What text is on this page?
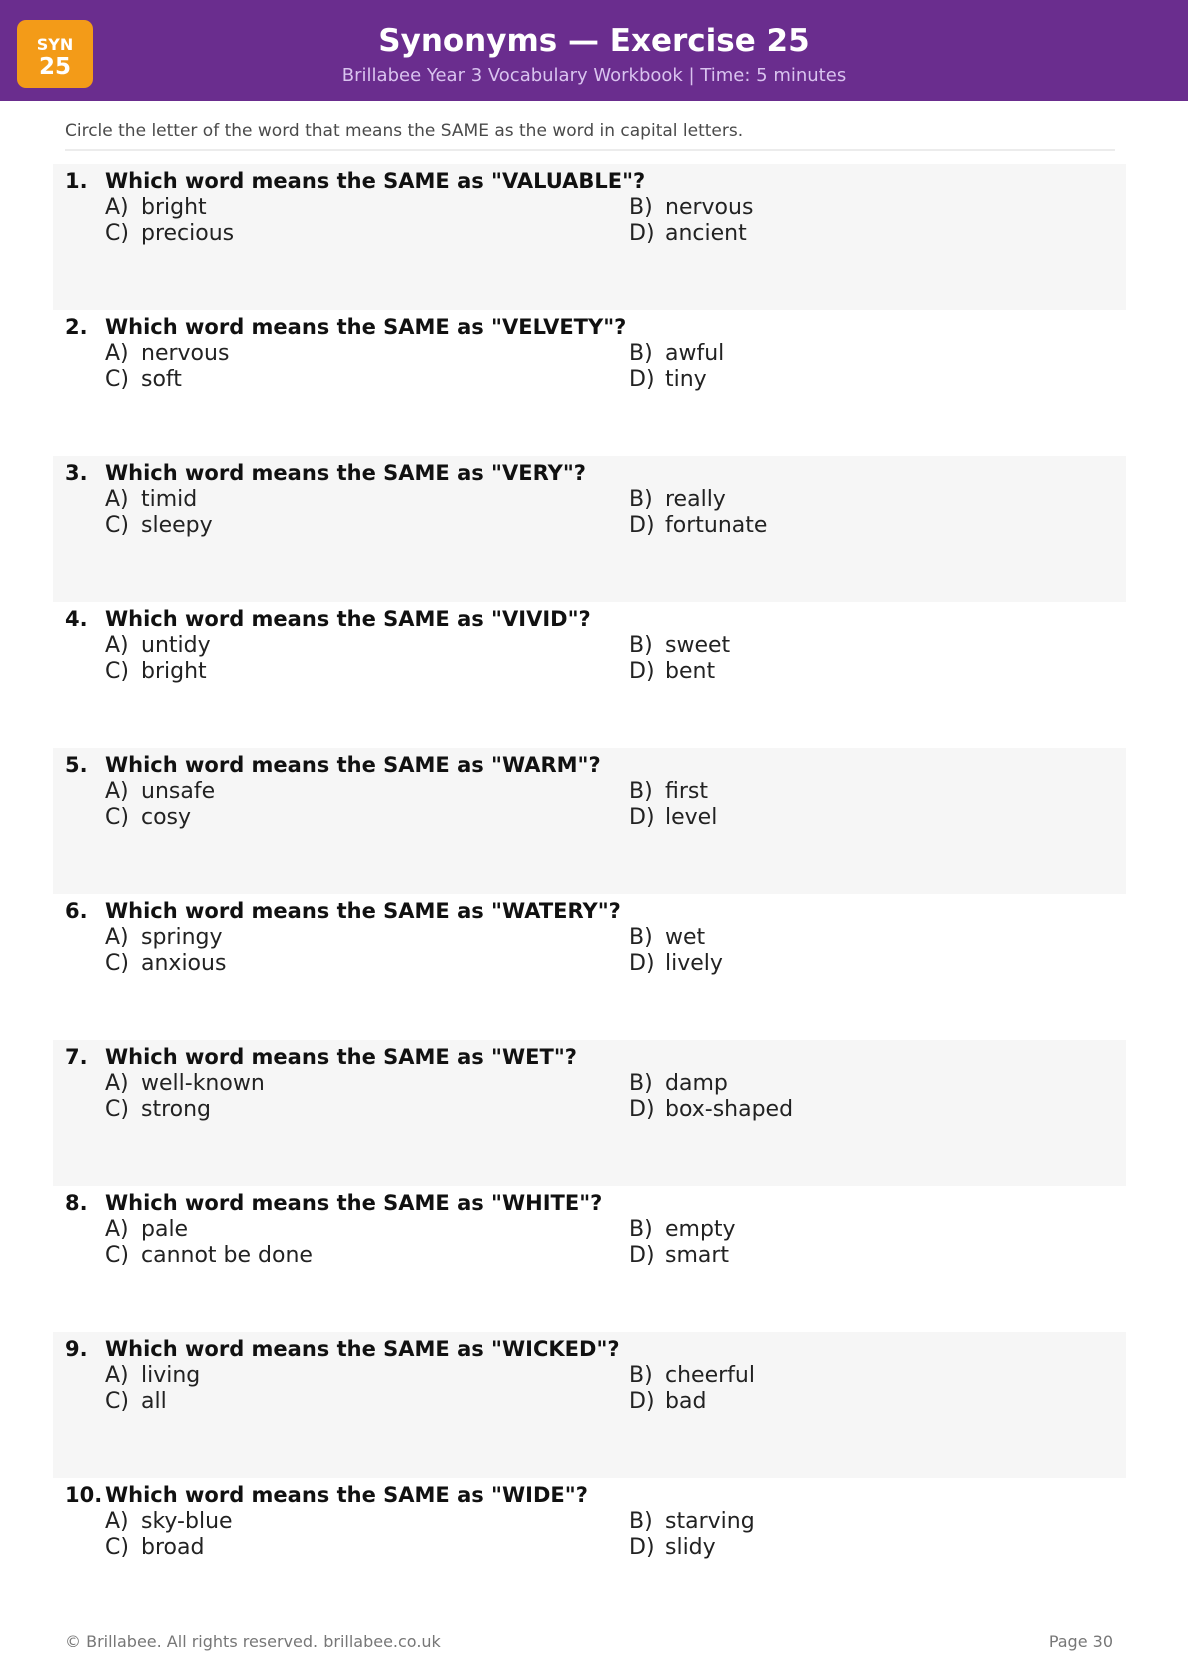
SYN
25
Synonyms — Exercise 25
Brillabee Year 3 Vocabulary Workbook | Time: 5 minutes
Circle the letter of the word that means the SAME as the word in capital letters.
1. Which word means the SAME as "VALUABLE"?
A) bright	B) nervous
C) precious	D) ancient
2. Which word means the SAME as "VELVETY"?
A) nervous	B) awful
C) soft	D) tiny
3. Which word means the SAME as "VERY"?
A) timid	B) really
C) sleepy	D) fortunate
4. Which word means the SAME as "VIVID"?
A) untidy	B) sweet
C) bright	D) bent
5. Which word means the SAME as "WARM"?
A) unsafe	B) first
C) cosy	D) level
6. Which word means the SAME as "WATERY"?
A) springy	B) wet
C) anxious	D) lively
7. Which word means the SAME as "WET"?
A) well-known	B) damp
C) strong	D) box-shaped
8. Which word means the SAME as "WHITE"?
A) pale	B) empty
C) cannot be done	D) smart
9. Which word means the SAME as "WICKED"?
A) living	B) cheerful
C) all	D) bad
10. Which word means the SAME as "WIDE"?
A) sky-blue	B) starving
C) broad	D) slidy
© Brillabee. All rights reserved. brillabee.co.uk	Page 30
